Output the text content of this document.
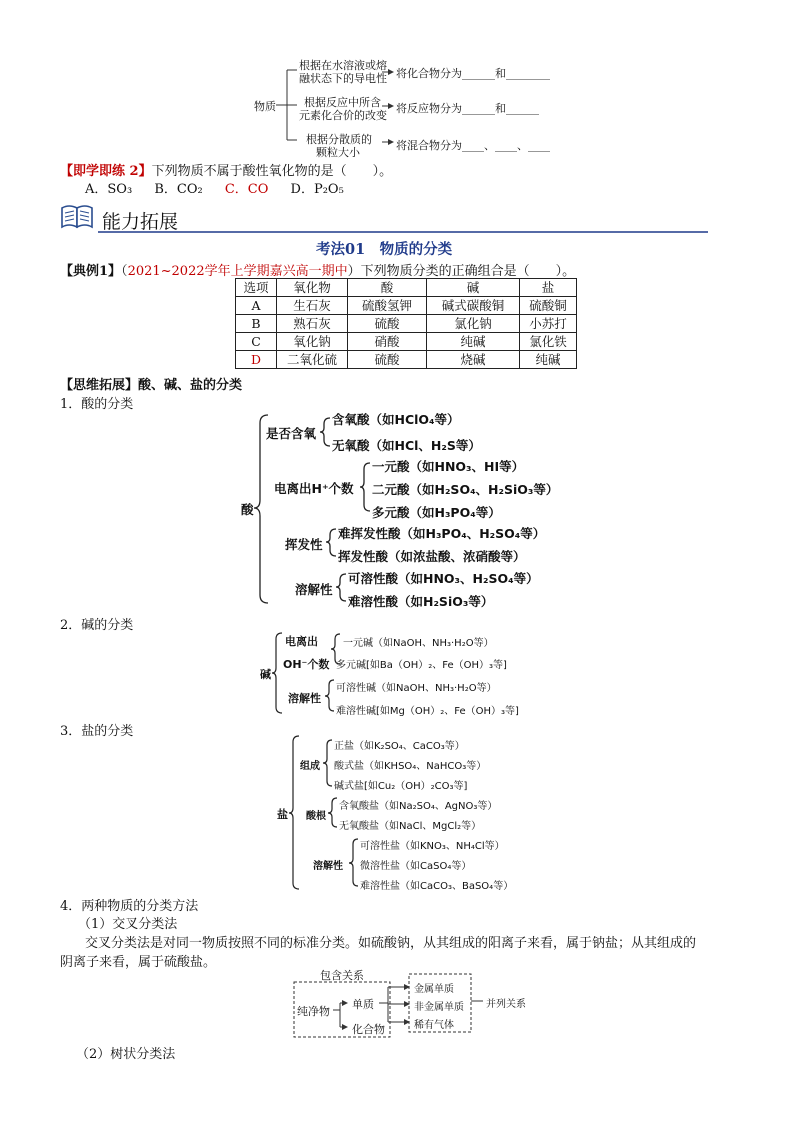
物质
根据在水溶液或熔
融状态下的导电性 将化合物分为______和________
根据反应中所含
元素化合价的改变
将反应物分为______和______
根据分散质的
颗粒大小
将混合物分为____、____、____
【即学即练 2】下列物质不属于酸性氧化物的是（　　）。
A．SO₃ B．CO₂ C．CO D．P₂O₅
能力拓展
考法01　物质的分类
【典例1】（2021~2022学年上学期嘉兴高一期中）下列物质分类的正确组合是（　　）。
选项	氧化物	酸	碱	盐
A	生石灰	硫酸氢钾	碱式碳酸铜	硫酸铜
B	熟石灰	硫酸	氯化钠	小苏打
C	氧化钠	硝酸	纯碱	氯化铁
D	二氧化硫	硫酸	烧碱	纯碱
【思维拓展】酸、碱、盐的分类
1．酸的分类
酸
是否含氧
含氧酸（如HClO₄等）
无氧酸（如HCl、H₂S等）
电离出H⁺个数
一元酸（如HNO₃、HI等）
二元酸（如H₂SO₄、H₂SiO₃等）
多元酸（如H₃PO₄等）
挥发性
难挥发性酸（如H₃PO₄、H₂SO₄等）
挥发性酸（如浓盐酸、浓硝酸等）
溶解性
可溶性酸（如HNO₃、H₂SO₄等）
难溶性酸（如H₂SiO₃等）
2．碱的分类
碱
电离出
OH⁻个数
一元碱（如NaOH、NH₃·H₂O等）
多元碱[如Ba（OH）₂、Fe（OH）₃等]
溶解性
可溶性碱（如NaOH、NH₃·H₂O等）
难溶性碱[如Mg（OH）₂、Fe（OH）₃等]
3．盐的分类
盐
组成
正盐（如K₂SO₄、CaCO₃等）
酸式盐（如KHSO₄、NaHCO₃等）
碱式盐[如Cu₂（OH）₂CO₃等]
酸根
含氧酸盐（如Na₂SO₄、AgNO₃等）
无氧酸盐（如NaCl、MgCl₂等）
溶解性
可溶性盐（如KNO₃、NH₄Cl等）
微溶性盐（如CaSO₄等）
难溶性盐（如CaCO₃、BaSO₄等）
4．两种物质的分类方法
（1）交叉分类法
交叉分类法是对同一物质按照不同的标准分类。如硫酸钠，从其组成的阳离子来看，属于钠盐；从其组成的
阴离子来看，属于硫酸盐。
包含关系
纯净物
单质
化合物
金属单质
非金属单质
稀有气体
并列关系
（2）树状分类法
